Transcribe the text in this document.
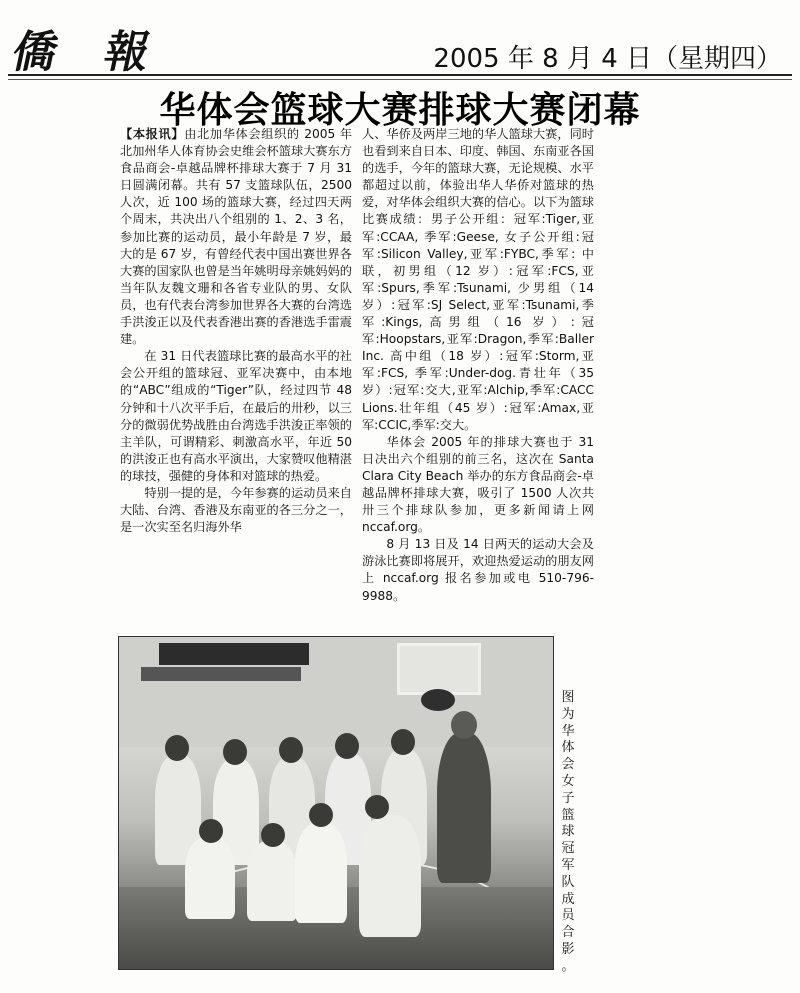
僑報	2005 年 8 月 4 日（星期四）
华体会篮球大赛排球大赛闭幕

【本报讯】由北加华体会组织的 2005 年北加州华人体育协会史维会杯篮球大赛东方食品商会-卓越品牌杯排球大赛于 7 月 31 日圆满闭幕。共有 57 支篮球队伍，2500 人次，近 100 场的篮球大赛，经过四天两个周末，共决出八个组别的 1、2、3 名，参加比赛的运动员，最小年龄是 7 岁，最大的是 67 岁，有曾经代表中国出赛世界各大赛的国家队也曾是当年姚明母亲姚妈妈的当年队友魏文珊和各省专业队的男、女队员，也有代表台湾参加世界各大赛的台湾选手洪浚正以及代表香港出赛的香港选手雷震建。

在 31 日代表篮球比赛的最高水平的社会公开组的篮球冠、亚军决赛中，由本地的“ABC”组成的“Tiger”队，经过四节 48 分钟和十八次平手后，在最后的卅秒，以三分的微弱优势战胜由台湾选手洪浚正率领的主羊队，可谓精彩、刺激高水平，年近 50 的洪浚正也有高水平演出，大家赞叹他精湛的球技，强健的身体和对篮球的热爱。

特别一提的是，今年参赛的运动员来自大陆、台湾、香港及东南亚的各三分之一，是一次实至名归海外华

人、华侨及两岸三地的华人篮球大赛，同时也看到来自日本、印度、韩国、东南亚各国的选手，今年的篮球大赛，无论规模、水平都超过以前，体验出华人华侨对篮球的热爱，对华体会组织大赛的信心。以下为篮球比赛成绩：男子公开组：冠军:Tiger,亚军:CCAA, 季军:Geese, 女子公开组:冠军:Silicon Valley,亚军:FYBC,季军: 中联，初男组（12 岁）:冠军:FCS,亚军:Spurs,季军:Tsunami, 少男组（14 岁）:冠军:SJ Select,亚军:Tsunami,季军:Kings,高男组（16 岁）:冠军:Hoopstars,亚军:Dragon,季军:Baller Inc. 高中组（18 岁）:冠军:Storm,亚军:FCS, 季军:Under-dog.青壮年（35 岁）:冠军:交大,亚军:Alchip,季军:CACC Lions.壮年组（45 岁）:冠军:Amax,亚军:CCIC,季军:交大。

华体会 2005 年的排球大赛也于 31 日决出六个组别的前三名，这次在 Santa Clara City Beach 举办的东方食品商会-卓越品牌杯排球大赛，吸引了 1500 人次共卅三个排球队参加，更多新闻请上网 nccaf.org。

8 月 13 日及 14 日两天的运动大会及游泳比赛即将展开，欢迎热爱运动的朋友网上 nccaf.org 报名参加或电 510-796-9988。

图
为
华
体
会
女
子
篮
球
冠
军
队
成
员
合
影
。
